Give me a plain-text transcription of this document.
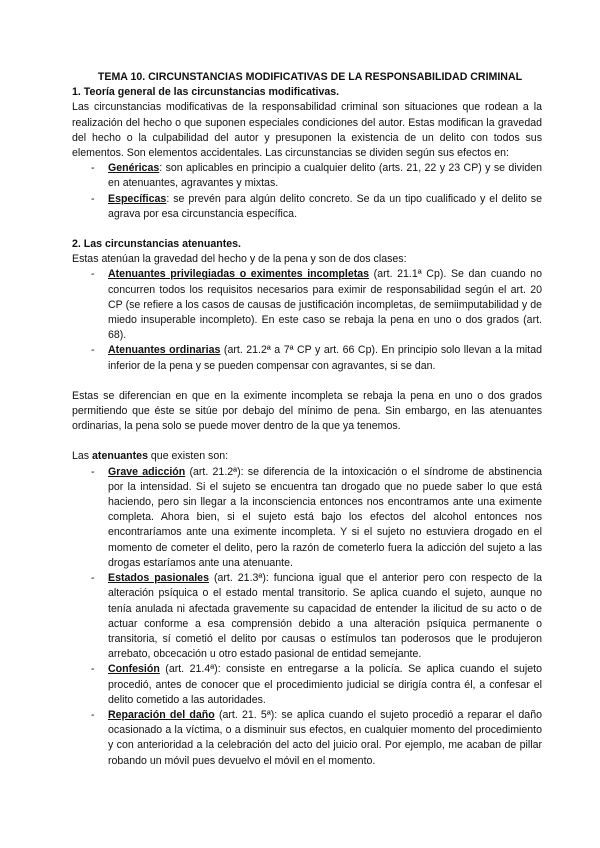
TEMA 10. CIRCUNSTANCIAS MODIFICATIVAS DE LA RESPONSABILIDAD CRIMINAL

1. Teoría general de las circunstancias modificativas.

Las circunstancias modificativas de la responsabilidad criminal son situaciones que rodean a la realización del hecho o que suponen especiales condiciones del autor. Estas modifican la gravedad del hecho o la culpabilidad del autor y presuponen la existencia de un delito con todos sus elementos. Son elementos accidentales. Las circunstancias se dividen según sus efectos en:

- Genéricas: son aplicables en principio a cualquier delito (arts. 21, 22 y 23 CP) y se dividen en atenuantes, agravantes y mixtas.
- Específicas: se prevén para algún delito concreto. Se da un tipo cualificado y el delito se agrava por esa circunstancia específica.
2. Las circunstancias atenuantes.

Estas atenúan la gravedad del hecho y de la pena y son de dos clases:

- Atenuantes privilegiadas o eximentes incompletas (art. 21.1ª Cp). Se dan cuando no concurren todos los requisitos necesarios para eximir de responsabilidad según el art. 20 CP (se refiere a los casos de causas de justificación incompletas, de semiimputabilidad y de miedo insuperable incompleto). En este caso se rebaja la pena en uno o dos grados (art. 68).
- Atenuantes ordinarias (art. 21.2ª a 7ª CP y art. 66 Cp). En principio solo llevan a la mitad inferior de la pena y se pueden compensar con agravantes, si se dan.

Estas se diferencian en que en la eximente incompleta se rebaja la pena en uno o dos grados permitiendo que éste se sitúe por debajo del mínimo de pena. Sin embargo, en las atenuantes ordinarias, la pena solo se puede mover dentro de la que ya tenemos.

Las atenuantes que existen son:

- Grave adicción (art. 21.2ª): se diferencia de la intoxicación o el síndrome de abstinencia por la intensidad. Si el sujeto se encuentra tan drogado que no puede saber lo que está haciendo, pero sin llegar a la inconsciencia entonces nos encontramos ante una eximente completa. Ahora bien, si el sujeto está bajo los efectos del alcohol entonces nos encontraríamos ante una eximente incompleta. Y si el sujeto no estuviera drogado en el momento de cometer el delito, pero la razón de cometerlo fuera la adicción del sujeto a las drogas estaríamos ante una atenuante.
- Estados pasionales (art. 21.3ª): funciona igual que el anterior pero con respecto de la alteración psíquica o el estado mental transitorio. Se aplica cuando el sujeto, aunque no tenía anulada ni afectada gravemente su capacidad de entender la ilicitud de su acto o de actuar conforme a esa comprensión debido a una alteración psíquica permanente o transitoria, sí cometió el delito por causas o estímulos tan poderosos que le produjeron arrebato, obcecación u otro estado pasional de entidad semejante.
- Confesión (art. 21.4ª): consiste en entregarse a la policía. Se aplica cuando el sujeto procedió, antes de conocer que el procedimiento judicial se dirigía contra él, a confesar el delito cometido a las autoridades.
- Reparación del daño (art. 21. 5ª): se aplica cuando el sujeto procedió a reparar el daño ocasionado a la víctima, o a disminuir sus efectos, en cualquier momento del procedimiento y con anterioridad a la celebración del acto del juicio oral. Por ejemplo, me acaban de pillar robando un móvil pues devuelvo el móvil en el momento.
